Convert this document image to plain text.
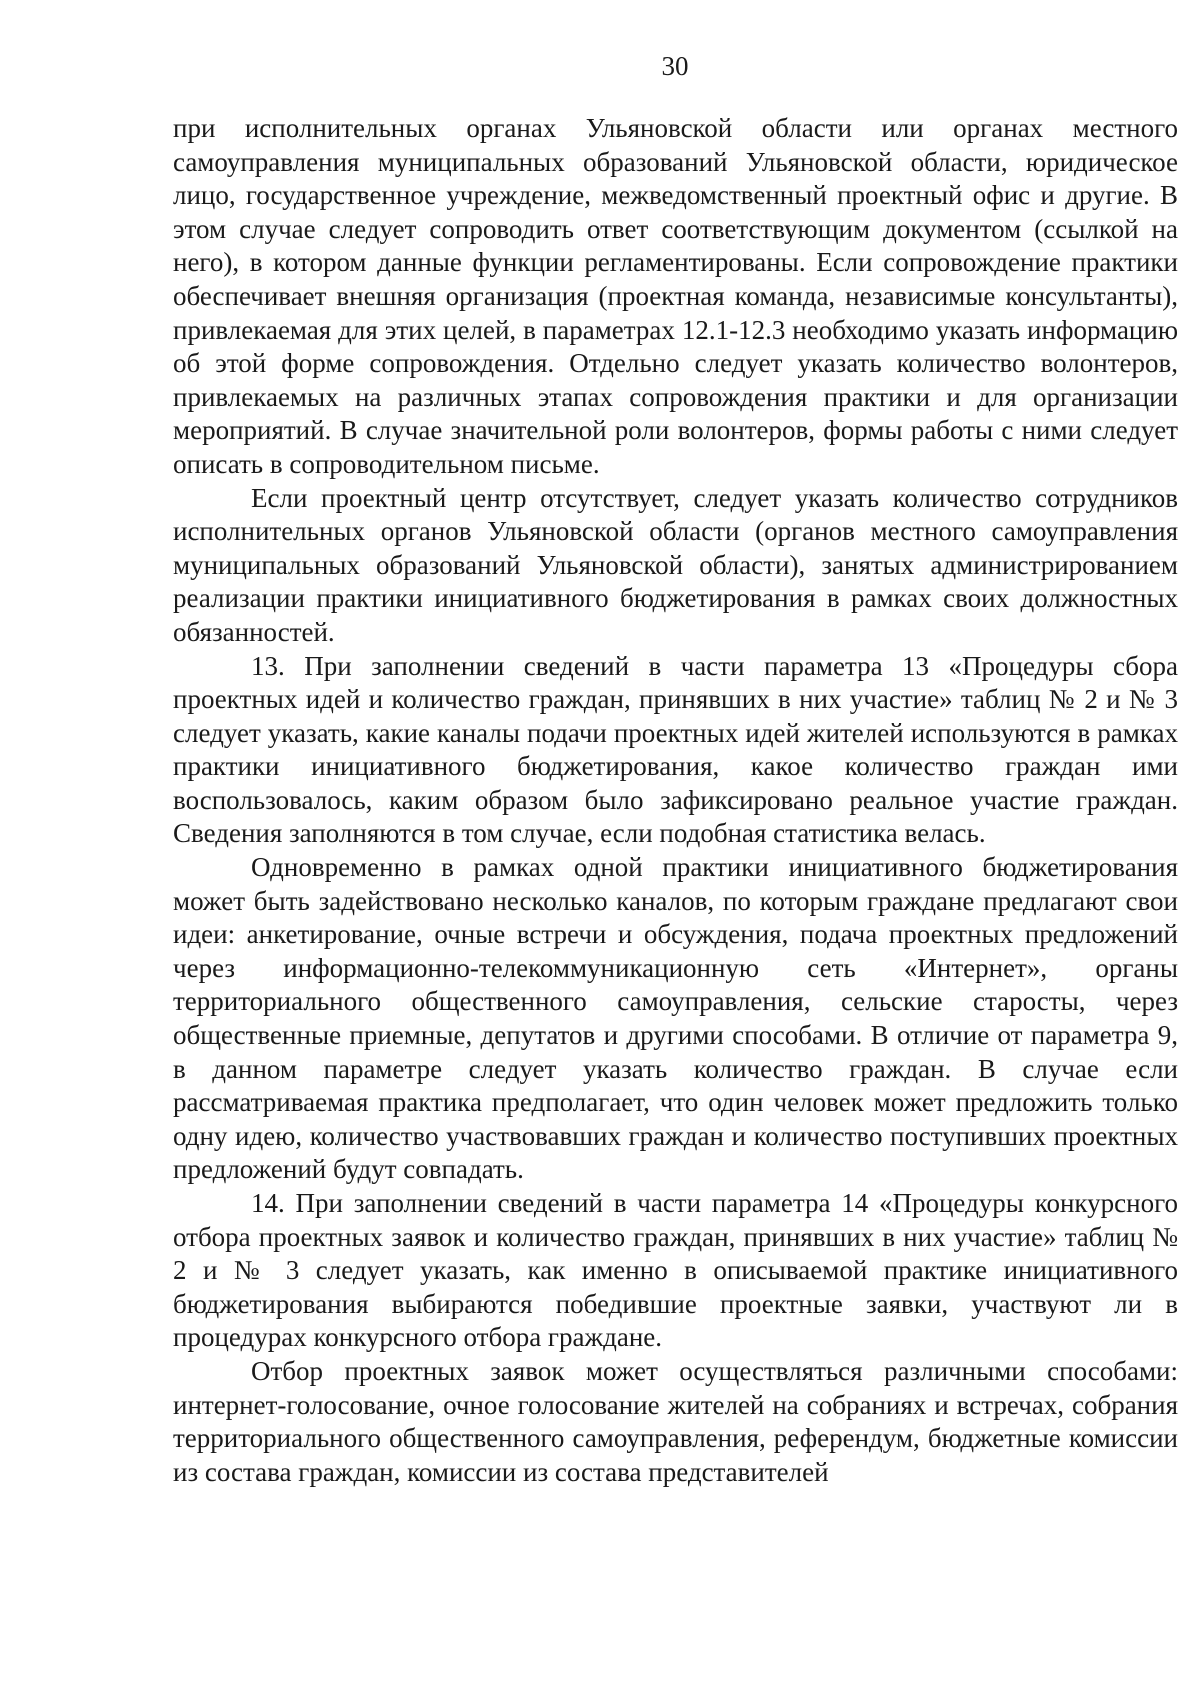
30

при исполнительных органах Ульяновской области или органах местного самоуправления муниципальных образований Ульяновской области, юридическое лицо, государственное учреждение, межведомственный проектный офис и другие. В этом случае следует сопроводить ответ соответствующим документом (ссылкой на него), в котором данные функции регламентированы. Если сопровождение практики обеспечивает внешняя организация (проектная команда, независимые консультанты), привлекаемая для этих целей, в параметрах 12.1-12.3 необходимо указать информацию об этой форме сопровождения. Отдельно следует указать количество волонтеров, привлекаемых на различных этапах сопровождения практики и для организации мероприятий. В случае значительной роли волонтеров, формы работы с ними следует описать в сопроводительном письме.

Если проектный центр отсутствует, следует указать количество сотрудников исполнительных органов Ульяновской области (органов местного самоуправления муниципальных образований Ульяновской области), занятых администрированием реализации практики инициативного бюджетирования в рамках своих должностных обязанностей.

13. При заполнении сведений в части параметра 13 «Процедуры сбора проектных идей и количество граждан, принявших в них участие» таблиц № 2 и № 3 следует указать, какие каналы подачи проектных идей жителей используются в рамках практики инициативного бюджетирования, какое количество граждан ими воспользовалось, каким образом было зафиксировано реальное участие граждан. Сведения заполняются в том случае, если подобная статистика велась.

Одновременно в рамках одной практики инициативного бюджетирования может быть задействовано несколько каналов, по которым граждане предлагают свои идеи: анкетирование, очные встречи и обсуждения, подача проектных предложений через информационно-телекоммуникационную сеть «Интернет», органы территориального общественного самоуправления, сельские старосты, через общественные приемные, депутатов и другими способами. В отличие от параметра 9, в данном параметре следует указать количество граждан. В случае если рассматриваемая практика предполагает, что один человек может предложить только одну идею, количество участвовавших граждан и количество поступивших проектных предложений будут совпадать.

14. При заполнении сведений в части параметра 14 «Процедуры конкурсного отбора проектных заявок и количество граждан, принявших в них участие» таблиц № 2 и № 3 следует указать, как именно в описываемой практике инициативного бюджетирования выбираются победившие проектные заявки, участвуют ли в процедурах конкурсного отбора граждане.

Отбор проектных заявок может осуществляться различными способами: интернет-голосование, очное голосование жителей на собраниях и встречах, собрания территориального общественного самоуправления, референдум, бюджетные комиссии из состава граждан, комиссии из состава представителей
